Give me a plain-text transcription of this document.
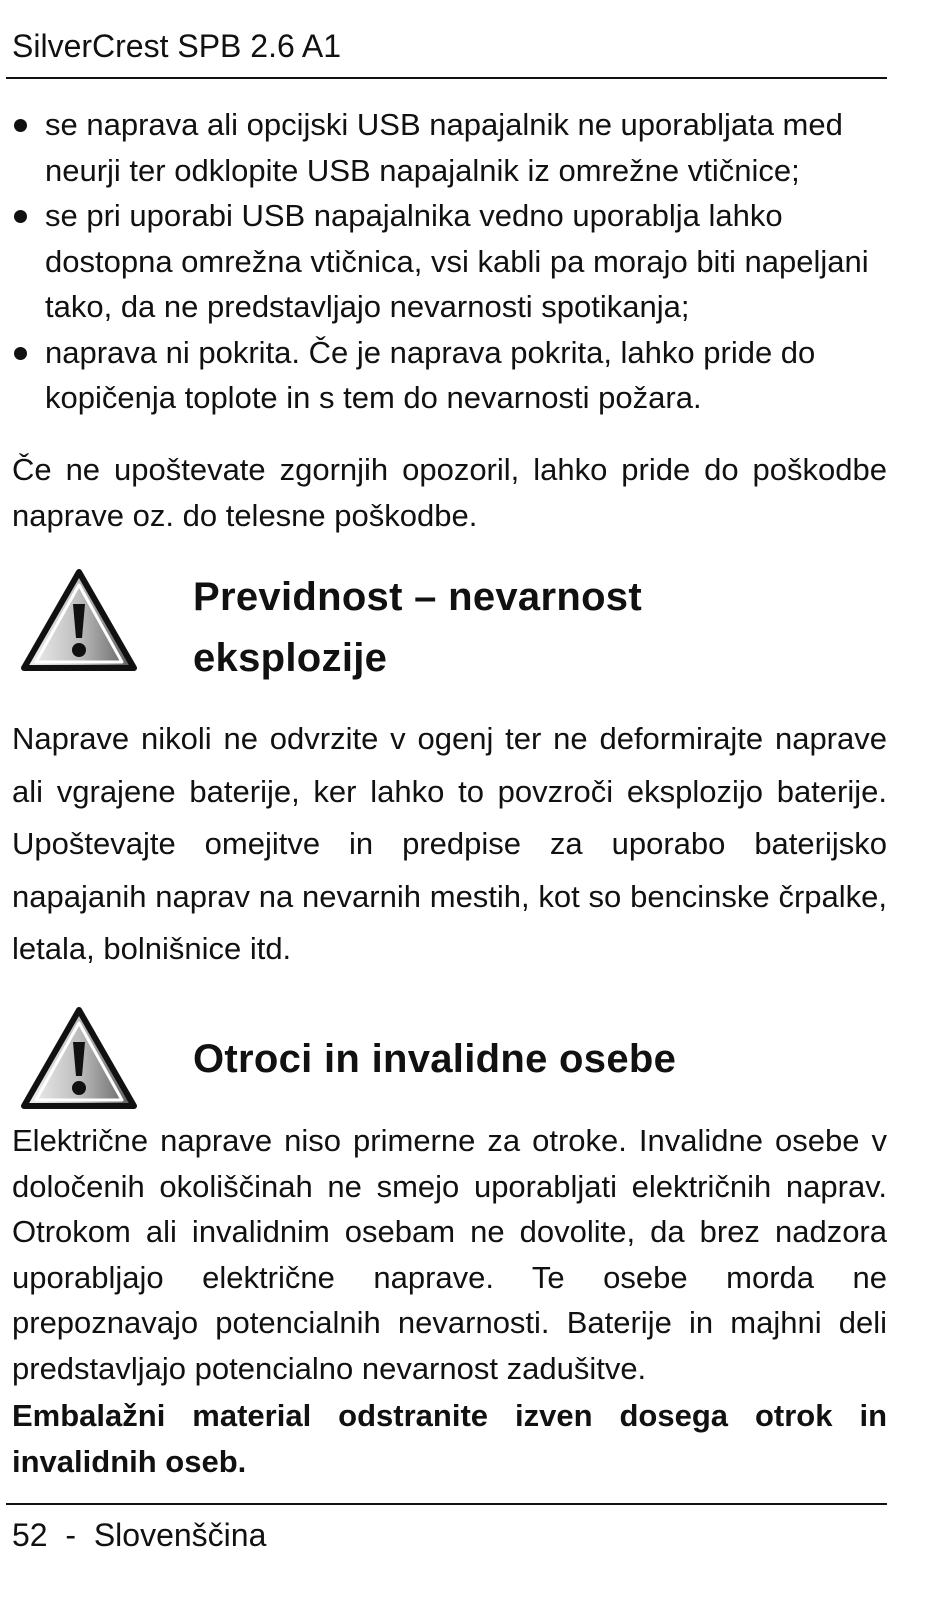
SilverCrest SPB 2.6 A1
se naprava ali opcijski USB napajalnik ne uporabljata med neurji ter odklopite USB napajalnik iz omrežne vtičnice;
se pri uporabi USB napajalnika vedno uporablja lahko dostopna omrežna vtičnica, vsi kabli pa morajo biti napeljani tako, da ne predstavljajo nevarnosti spotikanja;
naprava ni pokrita. Če je naprava pokrita, lahko pride do kopičenja toplote in s tem do nevarnosti požara.

Če ne upoštevate zgornjih opozoril, lahko pride do poškodbe naprave oz. do telesne poškodbe.

Previdnost – nevarnost eksplozije

Naprave nikoli ne odvrzite v ogenj ter ne deformirajte naprave ali vgrajene baterije, ker lahko to povzroči eksplozijo baterije. Upoštevajte omejitve in predpise za uporabo baterijsko napajanih naprav na nevarnih mestih, kot so bencinske črpalke, letala, bolnišnice itd.

Otroci in invalidne osebe

Električne naprave niso primerne za otroke. Invalidne osebe v določenih okoliščinah ne smejo uporabljati električnih naprav. Otrokom ali invalidnim osebam ne dovolite, da brez nadzora uporabljajo električne naprave. Te osebe morda ne prepoznavajo potencialnih nevarnosti. Baterije in majhni deli predstavljajo potencialno nevarnost zadušitve.

Embalažni material odstranite izven dosega otrok in invalidnih oseb.

52 - Slovenščina
